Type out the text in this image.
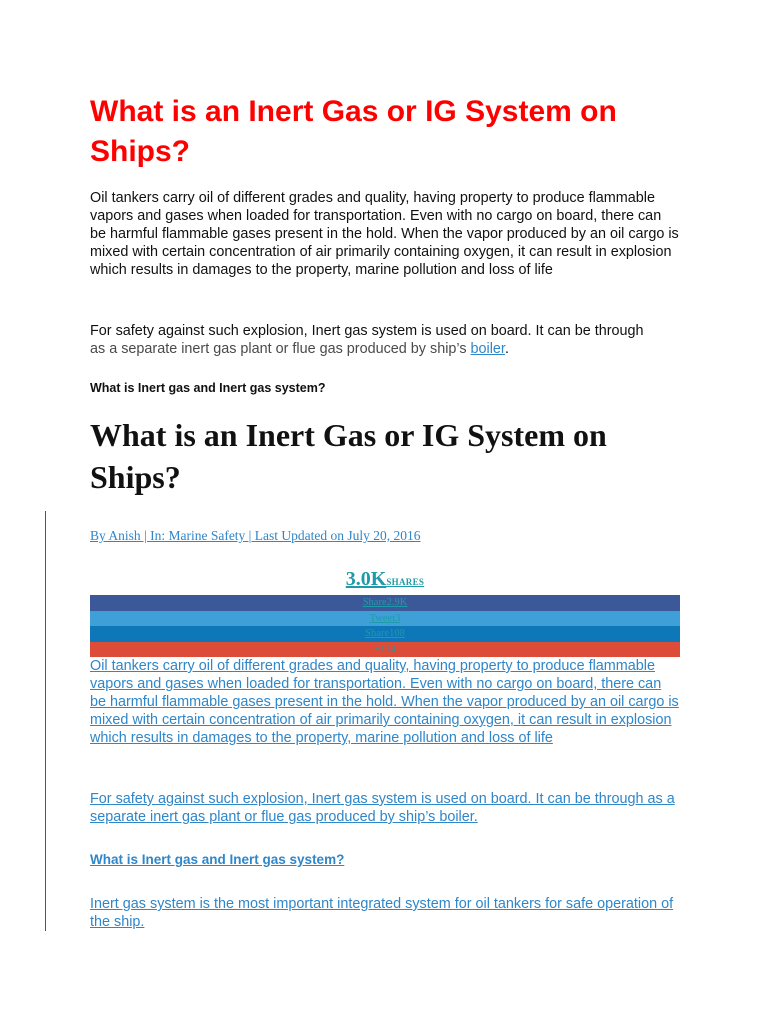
What is an Inert Gas or IG System on Ships?

Oil tankers carry oil of different grades and quality, having property to produce flammable vapors and gases when loaded for transportation. Even with no cargo on board, there can be harmful flammable gases present in the hold. When the vapor produced by an oil cargo is mixed with certain concentration of air primarily containing oxygen, it can result in explosion which results in damages to the property, marine pollution and loss of life

For safety against such explosion, Inert gas system is used on board. It can be through
as a separate inert gas plant or flue gas produced by ship’s boiler.

What is Inert gas and Inert gas system?

What is an Inert Gas or IG System on Ships?

By Anish | In: Marine Safety | Last Updated on July 20, 2016

3.0KSHARES
Share2.9K
Tweet3
Share108
+114

Oil tankers carry oil of different grades and quality, having property to produce flammable vapors and gases when loaded for transportation. Even with no cargo on board, there can be harmful flammable gases present in the hold. When the vapor produced by an oil cargo is mixed with certain concentration of air primarily containing oxygen, it can result in explosion which results in damages to the property, marine pollution and loss of life

For safety against such explosion, Inert gas system is used on board. It can be through as a separate inert gas plant or flue gas produced by ship’s boiler.

What is Inert gas and Inert gas system?

Inert gas system is the most important integrated system for oil tankers for safe operation of the ship.
